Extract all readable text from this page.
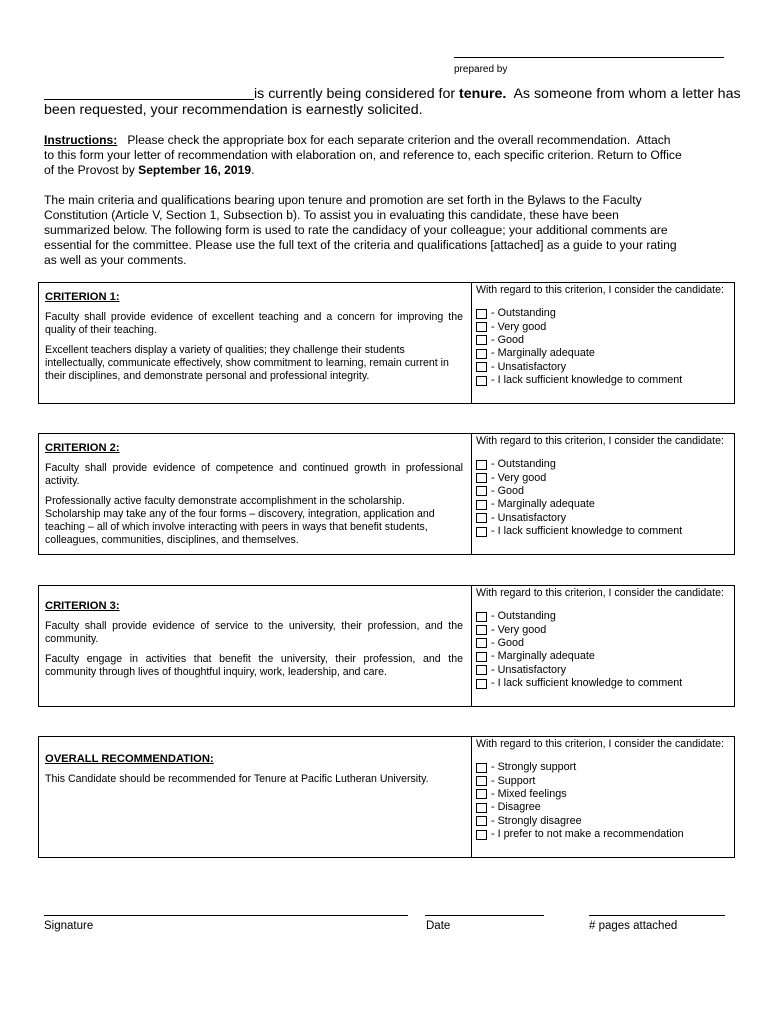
prepared by
is currently being considered for tenure.  As someone from whom a letter has
been requested, your recommendation is earnestly solicited.
Instructions:   Please check the appropriate box for each separate criterion and the overall recommendation.  Attach
to this form your letter of recommendation with elaboration on, and reference to, each specific criterion. Return to Office
of the Provost by September 16, 2019.
The main criteria and qualifications bearing upon tenure and promotion are set forth in the Bylaws to the Faculty
Constitution (Article V, Section 1, Subsection b). To assist you in evaluating this candidate, these have been
summarized below. The following form is used to rate the candidacy of your colleague; your additional comments are
essential for the committee. Please use the full text of the criteria and qualifications [attached] as a guide to your rating
as well as your comments.
CRITERION 1:

Faculty shall provide evidence of excellent teaching and a concern for improving the quality of their teaching.

Excellent teachers display a variety of qualities; they challenge their students intellectually, communicate effectively, show commitment to learning, remain current in their disciplines, and demonstrate personal and professional integrity.

With regard to this criterion, I consider the candidate:
- Outstanding
- Very good
- Good
- Marginally adequate
- Unsatisfactory
- I lack sufficient knowledge to comment
CRITERION 2:

Faculty shall provide evidence of competence and continued growth in professional activity.

Professionally active faculty demonstrate accomplishment in the scholarship. Scholarship may take any of the four forms – discovery, integration, application and teaching – all of which involve interacting with peers in ways that benefit students, colleagues, communities, disciplines, and themselves.

With regard to this criterion, I consider the candidate:
- Outstanding
- Very good
- Good
- Marginally adequate
- Unsatisfactory
- I lack sufficient knowledge to comment
CRITERION 3:

Faculty shall provide evidence of service to the university, their profession, and the community.

Faculty engage in activities that benefit the university, their profession, and the community through lives of thoughtful inquiry, work, leadership, and care.

With regard to this criterion, I consider the candidate:
- Outstanding
- Very good
- Good
- Marginally adequate
- Unsatisfactory
- I lack sufficient knowledge to comment
OVERALL RECOMMENDATION:

This Candidate should be recommended for Tenure at Pacific Lutheran University.

With regard to this criterion, I consider the candidate:
- Strongly support
- Support
- Mixed feelings
- Disagree
- Strongly disagree
- I prefer to not make a recommendation
Signature	Date	# pages attached
